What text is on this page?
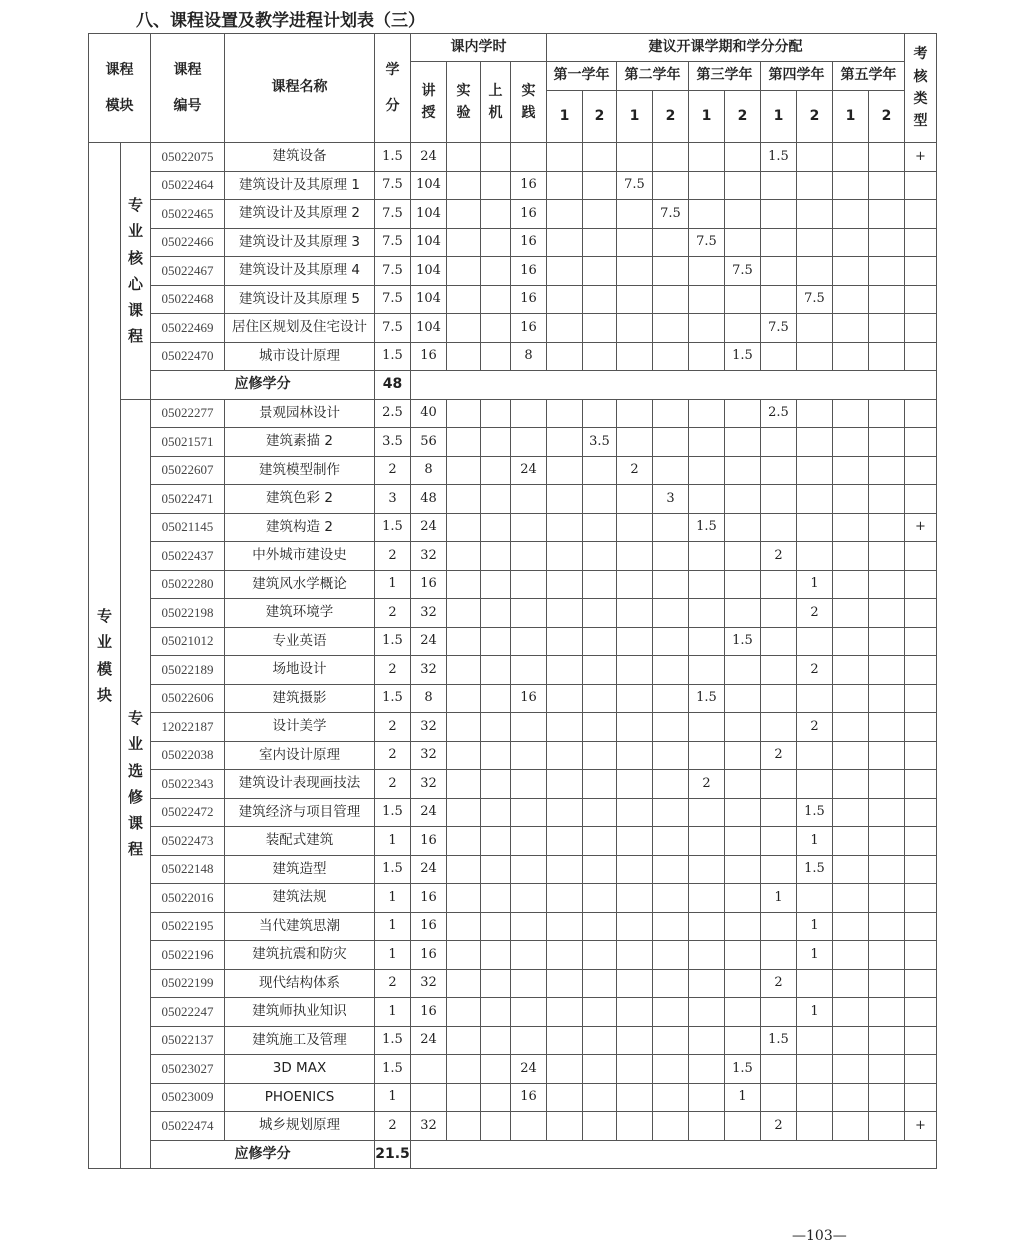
八、课程设置及教学进程计划表（三）
课程模块		课程编号	课程名称	学分	课内学时				建议开课学期和学分分配										考核类型
					讲授	实验	上机	实践	第一学年		第二学年		第三学年		第四学年		第五学年		
									1	2	1	2	1	2	1	2	1	2	
专业模块	专业核心课程	05022075	建筑设备	1.5	24										1.5				+
		05022464	建筑设计及其原理 1	7.5	104			16			7.5								
		05022465	建筑设计及其原理 2	7.5	104			16				7.5							
		05022466	建筑设计及其原理 3	7.5	104			16					7.5						
		05022467	建筑设计及其原理 4	7.5	104			16						7.5					
		05022468	建筑设计及其原理 5	7.5	104			16								7.5			
		05022469	居住区规划及住宅设计	7.5	104			16							7.5				
		05022470	城市设计原理	1.5	16			8						1.5					
		应修学分		48															
	专业选修课程	05022277	景观园林设计	2.5	40										2.5				
		05021571	建筑素描 2	3.5	56					3.5									
		05022607	建筑模型制作	2	8			24			2								
		05022471	建筑色彩 2	3	48							3							
		05021145	建筑构造 2	1.5	24								1.5						+
		05022437	中外城市建设史	2	32										2				
		05022280	建筑风水学概论	1	16											1			
		05022198	建筑环境学	2	32											2			
		05021012	专业英语	1.5	24									1.5					
		05022189	场地设计	2	32											2			
		05022606	建筑摄影	1.5	8			16					1.5						
		12022187	设计美学	2	32											2			
		05022038	室内设计原理	2	32										2				
		05022343	建筑设计表现画技法	2	32								2						
		05022472	建筑经济与项目管理	1.5	24											1.5			
		05022473	装配式建筑	1	16											1			
		05022148	建筑造型	1.5	24											1.5			
		05022016	建筑法规	1	16										1				
		05022195	当代建筑思潮	1	16											1			
		05022196	建筑抗震和防灾	1	16											1			
		05022199	现代结构体系	2	32										2				
		05022247	建筑师执业知识	1	16											1			
		05022137	建筑施工及管理	1.5	24										1.5				
		05023027	3D MAX	1.5				24						1.5					
		05023009	PHOENICS	1				16						1					
		05022474	城乡规划原理	2	32										2				+
		应修学分		21.5															
—103—
